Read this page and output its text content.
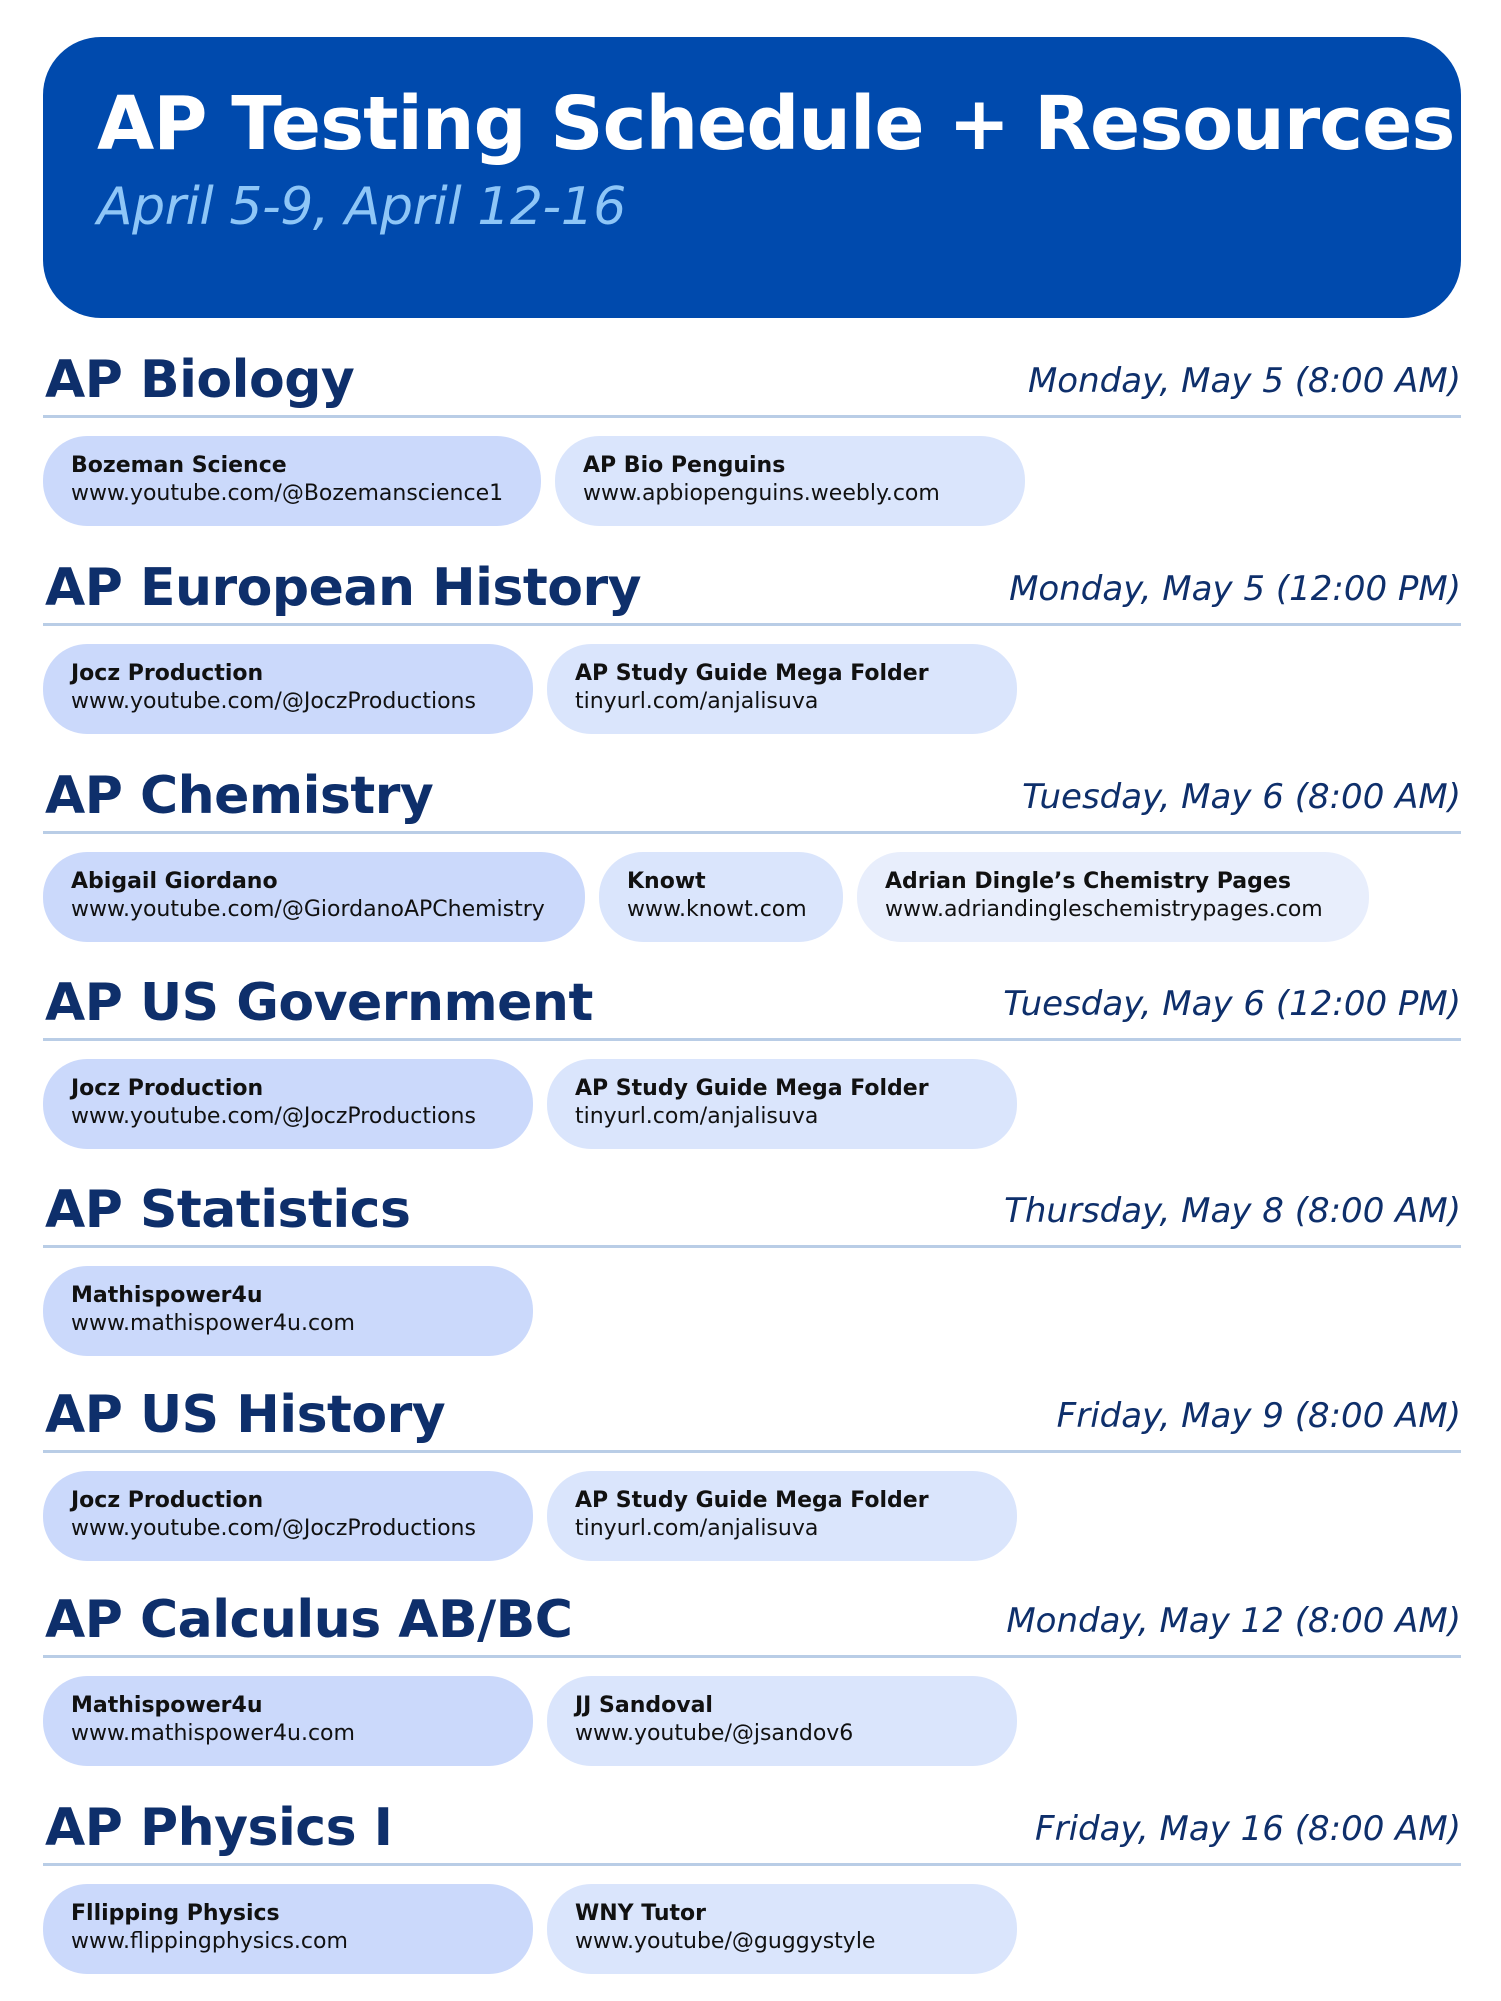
AP Testing Schedule + Resources
April 5-9, April 12-16
AP Biology	Monday, May 5 (8:00 AM)
Bozeman Science
www.youtube.com/@Bozemanscience1
AP Bio Penguins
www.apbiopenguins.weebly.com
AP European History	Monday, May 5 (12:00 PM)
Jocz Production
www.youtube.com/@JoczProductions
AP Study Guide Mega Folder
tinyurl.com/anjalisuva
AP Chemistry	Tuesday, May 6 (8:00 AM)
Abigail Giordano
www.youtube.com/@GiordanoAPChemistry
Knowt
www.knowt.com
Adrian Dingle’s Chemistry Pages
www.adriandingleschemistrypages.com
AP US Government	Tuesday, May 6 (12:00 PM)
Jocz Production
www.youtube.com/@JoczProductions
AP Study Guide Mega Folder
tinyurl.com/anjalisuva
AP Statistics	Thursday, May 8 (8:00 AM)
Mathispower4u
www.mathispower4u.com
AP US History	Friday, May 9 (8:00 AM)
Jocz Production
www.youtube.com/@JoczProductions
AP Study Guide Mega Folder
tinyurl.com/anjalisuva
AP Calculus AB/BC	Monday, May 12 (8:00 AM)
Mathispower4u
www.mathispower4u.com
JJ Sandoval
www.youtube/@jsandov6
AP Physics I	Friday, May 16 (8:00 AM)
Fllipping Physics
www.flippingphysics.com
WNY Tutor
www.youtube/@guggystyle
